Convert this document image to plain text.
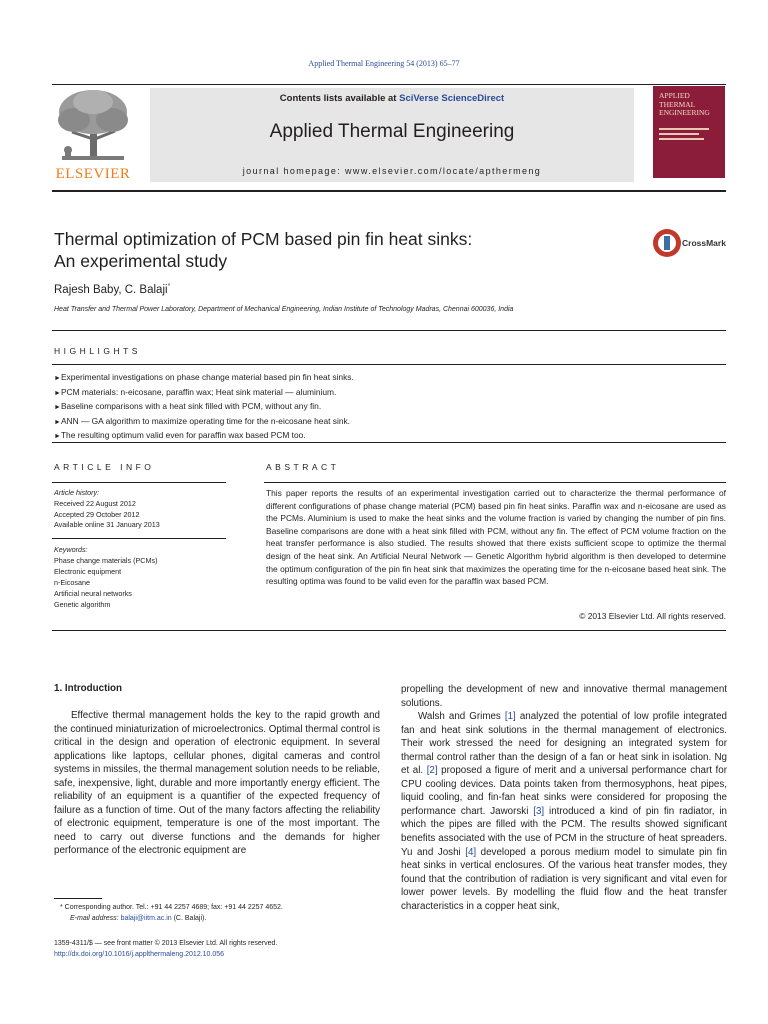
Applied Thermal Engineering 54 (2013) 65–77
ELSEVIER
Contents lists available at SciVerse ScienceDirect
Applied Thermal Engineering
journal homepage: www.elsevier.com/locate/apthermeng
APPLIED THERMAL ENGINEERING
Thermal optimization of PCM based pin fin heat sinks:
An experimental study
CrossMark
Rajesh Baby, C. Balaji*
Heat Transfer and Thermal Power Laboratory, Department of Mechanical Engineering, Indian Institute of Technology Madras, Chennai 600036, India
HIGHLIGHTS
► Experimental investigations on phase change material based pin fin heat sinks.
► PCM materials: n-eicosane, paraffin wax; Heat sink material — aluminium.
► Baseline comparisons with a heat sink filled with PCM, without any fin.
► ANN — GA algorithm to maximize operating time for the n-eicosane heat sink.
► The resulting optimum valid even for paraffin wax based PCM too.
ARTICLE INFO
Article history:
Received 22 August 2012
Accepted 29 October 2012
Available online 31 January 2013
Keywords:
Phase change materials (PCMs)
Electronic equipment
n-Eicosane
Artificial neural networks
Genetic algorithm
ABSTRACT
This paper reports the results of an experimental investigation carried out to characterize the thermal performance of different configurations of phase change material (PCM) based pin fin heat sinks. Paraffin wax and n-eicosane are used as the PCMs. Aluminium is used to make the heat sinks and the volume fraction is varied by changing the number of pin fins. Baseline comparisons are done with a heat sink filled with PCM, without any fin. The effect of PCM volume fraction on the heat transfer performance is also studied. The results showed that there exists sufficient scope to optimize the thermal design of the heat sink. An Artificial Neural Network — Genetic Algorithm hybrid algorithm is then developed to determine the optimum configuration of the pin fin heat sink that maximizes the operating time for the n-eicosane based heat sink. The resulting optima was found to be valid even for the paraffin wax based PCM.
© 2013 Elsevier Ltd. All rights reserved.
1. Introduction
Effective thermal management holds the key to the rapid growth and the continued miniaturization of microelectronics. Optimal thermal control is critical in the design and operation of electronic equipment. In several applications like laptops, cellular phones, digital cameras and control systems in missiles, the thermal management solution needs to be reliable, safe, inexpensive, light, durable and more importantly energy efficient. The reliability of an equipment is a quantifier of the expected frequency of failure as a function of time. Out of the many factors affecting the reliability of electronic equipment, temperature is one of the most important. The need to carry out diverse functions and the demands for higher performance of the electronic equipment are
propelling the development of new and innovative thermal management solutions.
Walsh and Grimes [1] analyzed the potential of low profile integrated fan and heat sink solutions in the thermal management of electronics. Their work stressed the need for designing an integrated system for thermal control rather than the design of a fan or heat sink in isolation. Ng et al. [2] proposed a figure of merit and a universal performance chart for CPU cooling devices. Data points taken from thermosyphons, heat pipes, liquid cooling, and fin-fan heat sinks were considered for proposing the performance chart. Jaworski [3] introduced a kind of pin fin radiator, in which the pipes are filled with the PCM. The results showed significant benefits associated with the use of PCM in the structure of heat spreaders. Yu and Joshi [4] developed a porous medium model to simulate pin fin heat sinks in vertical enclosures. Of the various heat transfer modes, they found that the contribution of radiation is very significant and vital even for lower power levels. By modelling the fluid flow and the heat transfer characteristics in a copper heat sink,
* Corresponding author. Tel.: +91 44 2257 4689; fax: +91 44 2257 4652.
E-mail address: balaji@iitm.ac.in (C. Balaji).
1359-4311/$ — see front matter © 2013 Elsevier Ltd. All rights reserved.
http://dx.doi.org/10.1016/j.applthermaleng.2012.10.056
